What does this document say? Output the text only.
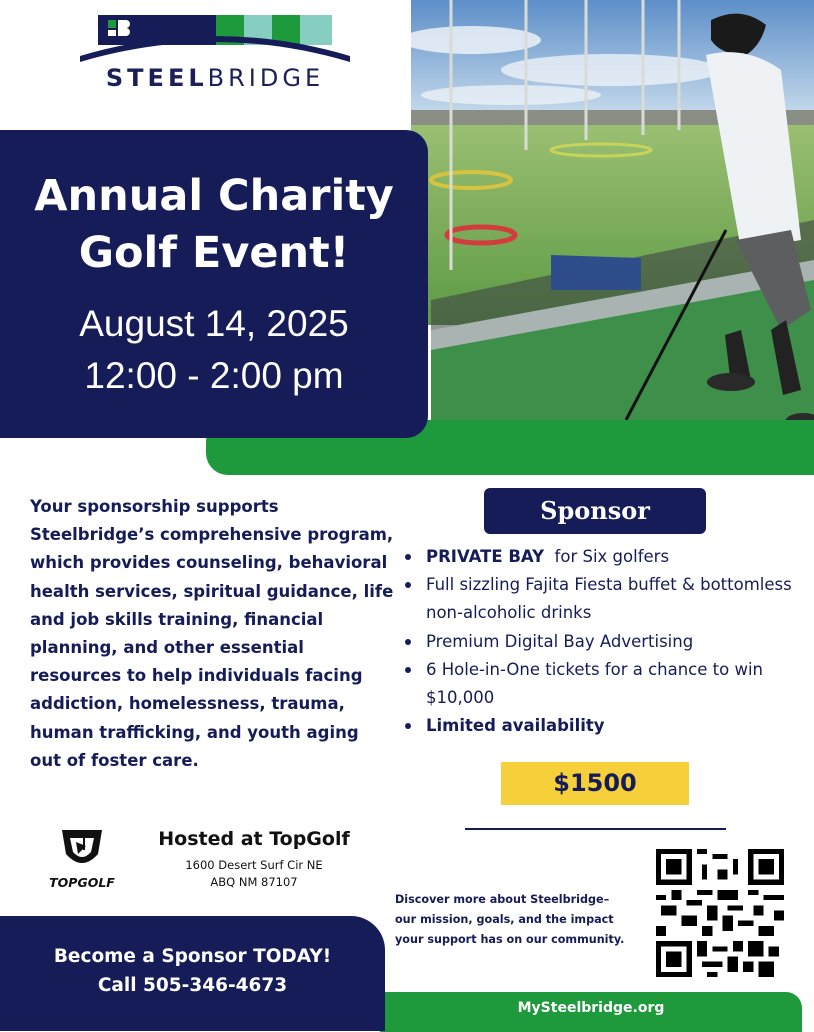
STEELBRIDGE
Annual Charity
Golf Event!
August 14, 2025
12:00 - 2:00 pm
Your sponsorship supports Steelbridge’s comprehensive program, which provides counseling, behavioral health services, spiritual guidance, life and job skills training, financial planning, and other essential resources to help individuals facing addiction, homelessness, trauma, human trafficking, and youth aging out of foster care.
Sponsor
PRIVATE BAY  for Six golfers
Full sizzling Fajita Fiesta buffet & bottomless non-alcoholic drinks
Premium Digital Bay Advertising
6 Hole-in-One tickets for a chance to win $10,000
Limited availability
$1500
TOPGOLF
Hosted at TopGolf
1600 Desert Surf Cir NE
ABQ NM 87107
Discover more about Steelbridge–
our mission, goals, and the impact
your support has on our community.
MySteelbridge.org
Become a Sponsor TODAY!
Call 505-346-4673
